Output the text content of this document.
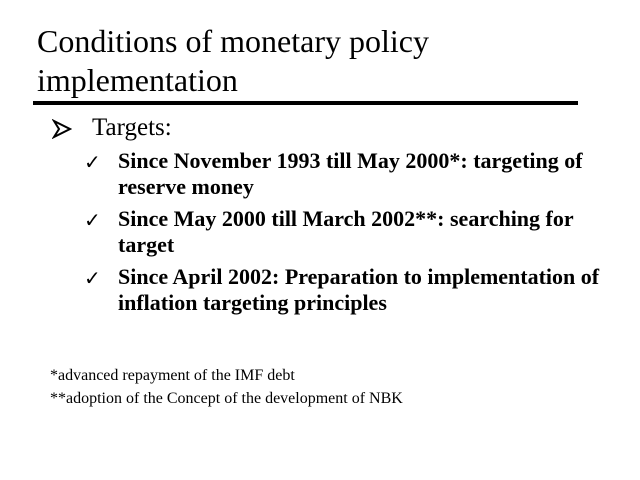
Conditions of monetary policy implementation
Targets:
✓ Since November 1993 till May 2000*: targeting of reserve money
✓ Since May 2000 till March 2002**: searching for target
✓ Since April 2002: Preparation to implementation of inflation targeting principles
*advanced repayment of the IMF debt
**adoption of the Concept of the development of NBK
